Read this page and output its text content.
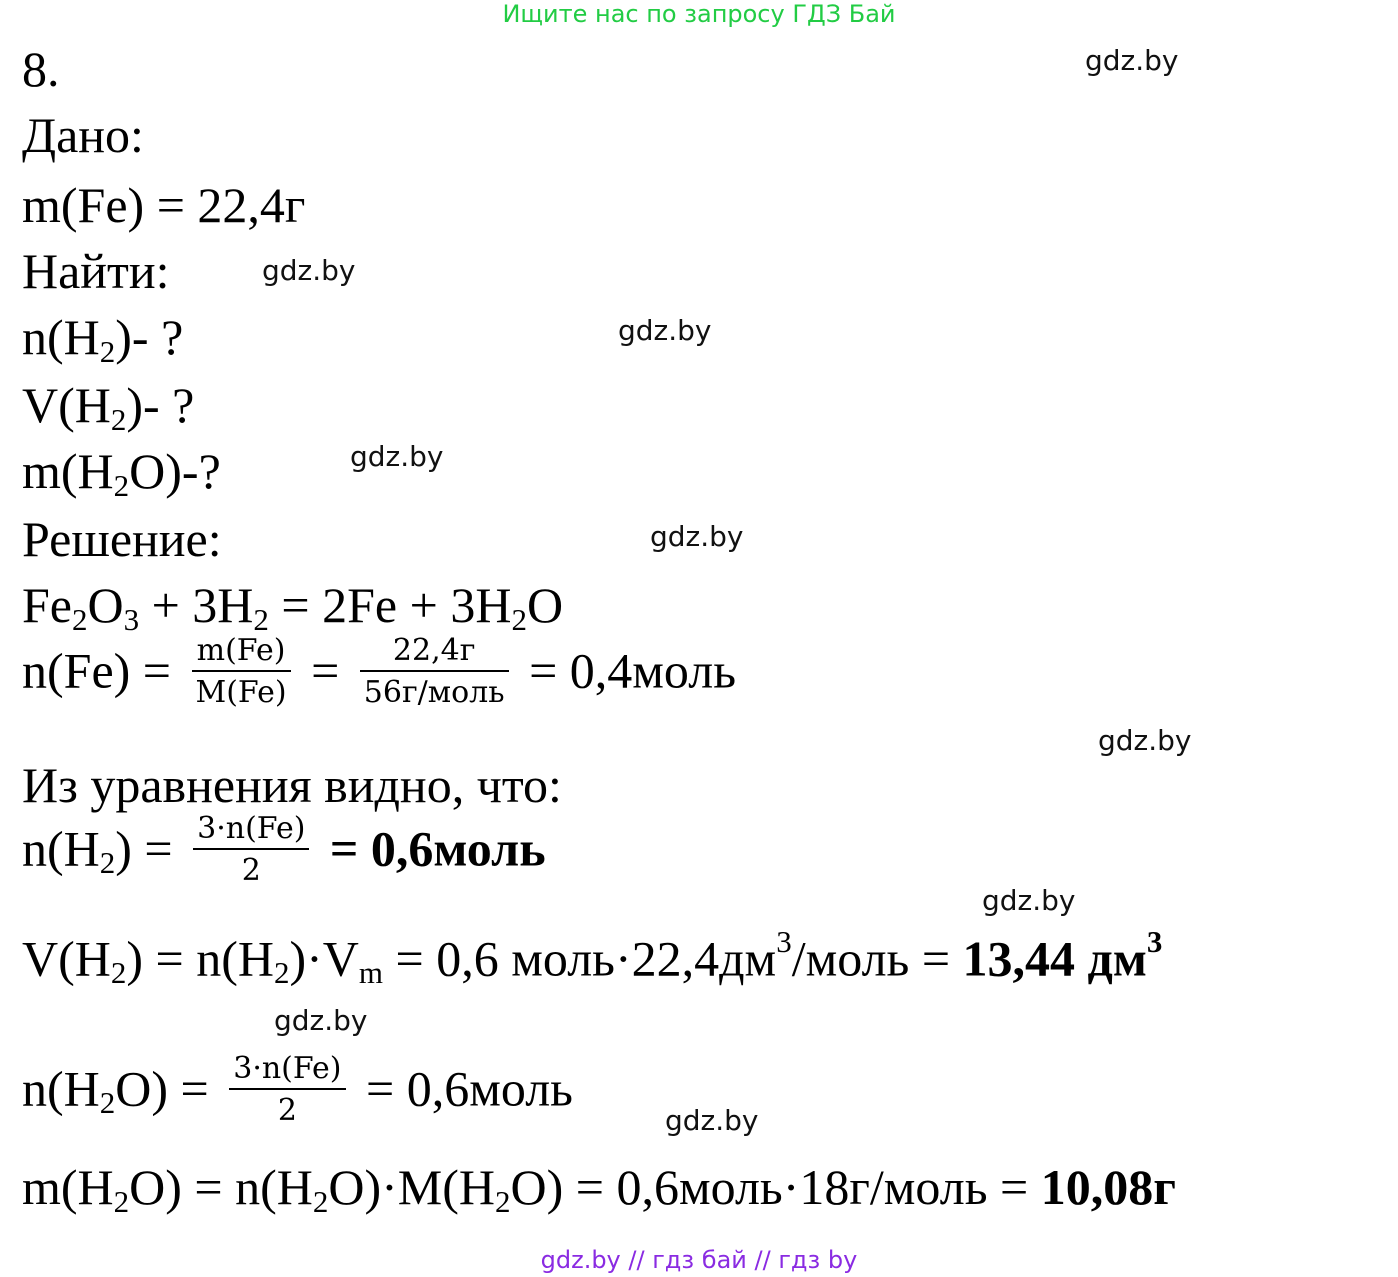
Ищите нас по запросу ГДЗ Бай
8.
Дано:
m(Fe) = 22,4г
Найти:
$n(H_2)-$ ?
$V(H_2)-$ ?
$m(H_2O)-$?
Решение:
$Fe_2O_3 + 3H_2 = 2Fe + 3H_2O$
$n(Fe) = \frac{m(Fe)}{M(Fe)} = \frac{22,4г}{\text{56г/моль}}$ = 0,4моль
Из уравнения видно, что:
$n(H_2) = \frac{3\cdot n(Fe)}{2}$ = 0,6моль
$V(H_2) = n(H_2)\cdot V_m = 0,6$ $моль\cdot 22,4дм^3$/моль = 13,44 $дм^3$
$n(H_2O) = \frac{3\cdot n(Fe)}{2}$ = 0,6моль
$m(H_2O) = n(H_2O)\cdot M(H_2O)$ = 0,6моль·18г/моль = 10,08г
gdz.by
gdz.by
gdz.by
gdz.by
gdz.by
gdz.by
gdz.by
gdz.by
gdz.by
gdz.by // гдз бай // гдз by
